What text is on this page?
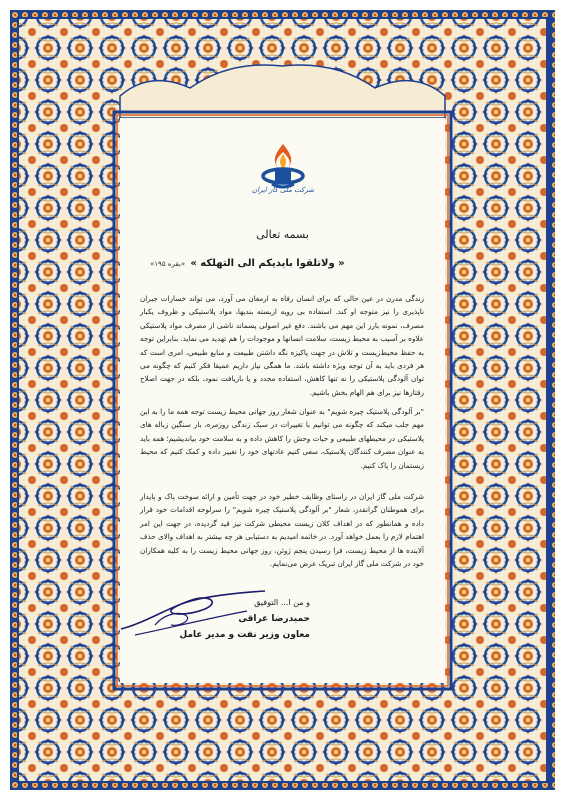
شرکت ملی گاز ایران
بسمه تعالی
« ولاتلقوا بایدیکم الی التهلکه »
«بقره ۱۹۵»
زندگی مدرن در عین حالی که برای انسان رفاه به ارمغان می آورد، می تواند خسارات جبران ناپذیری را نیز متوجه او کند. استفاده بی رویه ازبسته بندیها، مواد پلاستیکی و ظروف یکبار مصرف، نمونه بارز این مهم می باشند. دفع غیر اصولی پسماند ناشی از مصرف مواد پلاستیکی علاوه بر آسیب به محیط زیست، سلامت انسانها و موجودات را هم تهدید می نماید. بنابراین توجه به حفظ محیط‌زیست و تلاش در جهت پاکیزه نگه داشتن طبیعت و منابع طبیعی، امری است که هر فردی باید به آن توجه ویژه داشته باشد. ما همگی نیاز داریم عمیقا فکر کنیم که چگونه می توان آلودگی پلاستیکی را نه تنها کاهش، استفاده مجدد و یا بازیافت نمود، بلکه در جهت اصلاح رفتارها نیز برای هم الهام بخش باشیم.
"بر آلودگی پلاستیک چیره شویم" به عنوان شعار روز جهانی محیط زیست توجه همه ما را به این مهم جلب میکند که چگونه می توانیم با تغییرات در سبک زندگی روزمره، بار سنگین زباله های پلاستیکی در محیطهای طبیعی و حیات وحش را کاهش داده و به سلامت خود بیاندیشیم؛ همه باید به عنوان مصرف کنندگان پلاستیک، سعی کنیم عادتهای خود را تغییر داده و کمک کنیم که محیط زیستمان را پاک کنیم.
شرکت ملی گاز ایران در راستای وظایف خطیر خود در جهت تأمین و ارائه سوخت پاک و پایدار برای هموطنان گرانقدر، شعار "بر آلودگی پلاستیک چیره شویم" را سرلوحه اقدامات خود قرار داده و همانطور که در اهداف کلان زیست محیطی شرکت نیز قید گردیده، در جهت این امر اهتمام لازم را بعمل خواهد آورد. در خاتمه امیدیم به دستیابی هر چه بیشتر به اهداف والای حذف آلاینده ها از محیط زیست، فرا رسیدن پنجم ژوئن، روز جهانی محیط زیست را به کلیه همکاران خود در شرکت ملی گاز ایران تبریک عرض می‌نمایم.
و من ا... التوفیق
حمیدرضا عراقی
معاون وزیر نفت و مدیر عامل
